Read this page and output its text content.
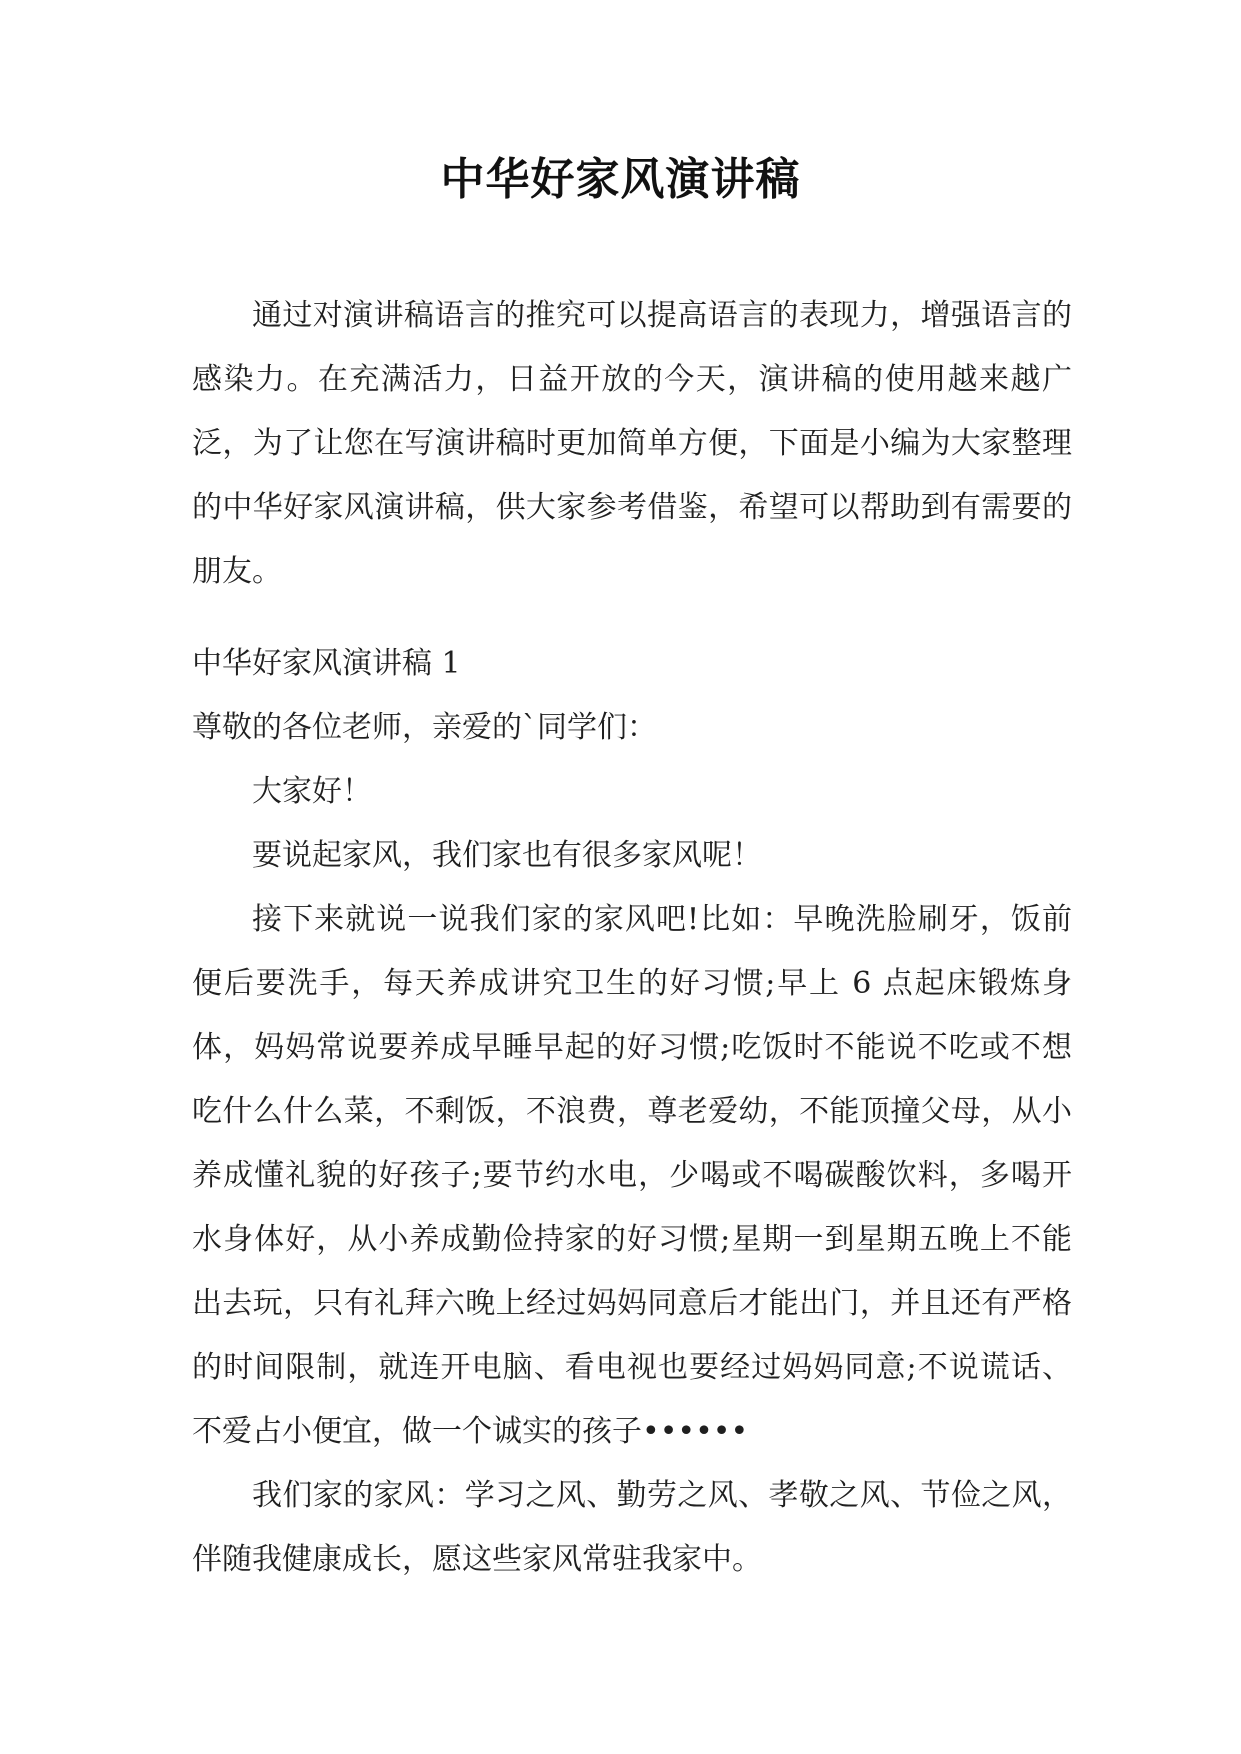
中华好家风演讲稿

通过对演讲稿语言的推究可以提高语言的表现力，增强语言的感染力。在充满活力，日益开放的今天，演讲稿的使用越来越广泛，为了让您在写演讲稿时更加简单方便，下面是小编为大家整理的中华好家风演讲稿，供大家参考借鉴，希望可以帮助到有需要的朋友。

中华好家风演讲稿 1

尊敬的各位老师，亲爱的`同学们：

大家好！

要说起家风，我们家也有很多家风呢！

接下来就说一说我们家的家风吧!比如：早晚洗脸刷牙，饭前便后要洗手，每天养成讲究卫生的好习惯;早上 6 点起床锻炼身体，妈妈常说要养成早睡早起的好习惯;吃饭时不能说不吃或不想吃什么什么菜，不剩饭，不浪费，尊老爱幼，不能顶撞父母，从小养成懂礼貌的好孩子;要节约水电，少喝或不喝碳酸饮料，多喝开水身体好，从小养成勤俭持家的好习惯;星期一到星期五晚上不能出去玩，只有礼拜六晚上经过妈妈同意后才能出门，并且还有严格的时间限制，就连开电脑、看电视也要经过妈妈同意;不说谎话、不爱占小便宜，做一个诚实的孩子••••••

我们家的家风：学习之风、勤劳之风、孝敬之风、节俭之风，伴随我健康成长，愿这些家风常驻我家中。
